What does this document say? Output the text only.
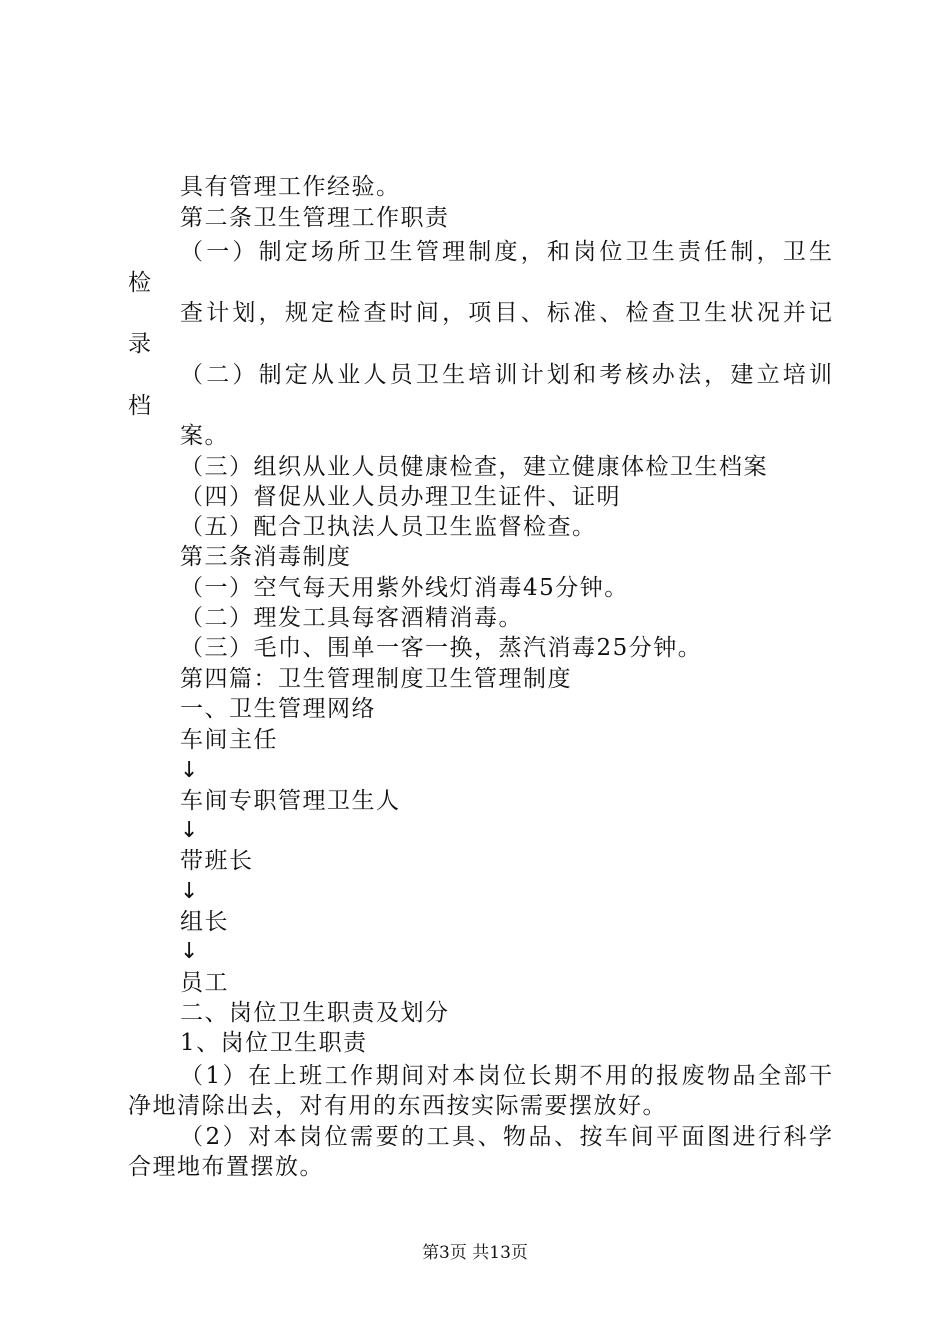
具有管理工作经验。
第二条卫生管理工作职责
（一）制定场所卫生管理制度，和岗位卫生责任制，卫生
检
查计划，规定检查时间，项目、标准、检查卫生状况并记
录
（二）制定从业人员卫生培训计划和考核办法，建立培训
档
案。
（三）组织从业人员健康检查，建立健康体检卫生档案
（四）督促从业人员办理卫生证件、证明
（五）配合卫执法人员卫生监督检查。
第三条消毒制度
（一）空气每天用紫外线灯消毒45分钟。
（二）理发工具每客酒精消毒。
（三）毛巾、围单一客一换，蒸汽消毒25分钟。
第四篇：卫生管理制度卫生管理制度
一、卫生管理网络
车间主任
↓
车间专职管理卫生人
↓
带班长
↓
组长
↓
员工
二、岗位卫生职责及划分
1、岗位卫生职责
（1）在上班工作期间对本岗位长期不用的报废物品全部干
净地清除出去，对有用的东西按实际需要摆放好。
（2）对本岗位需要的工具、物品、按车间平面图进行科学
合理地布置摆放。
第3页 共13页
